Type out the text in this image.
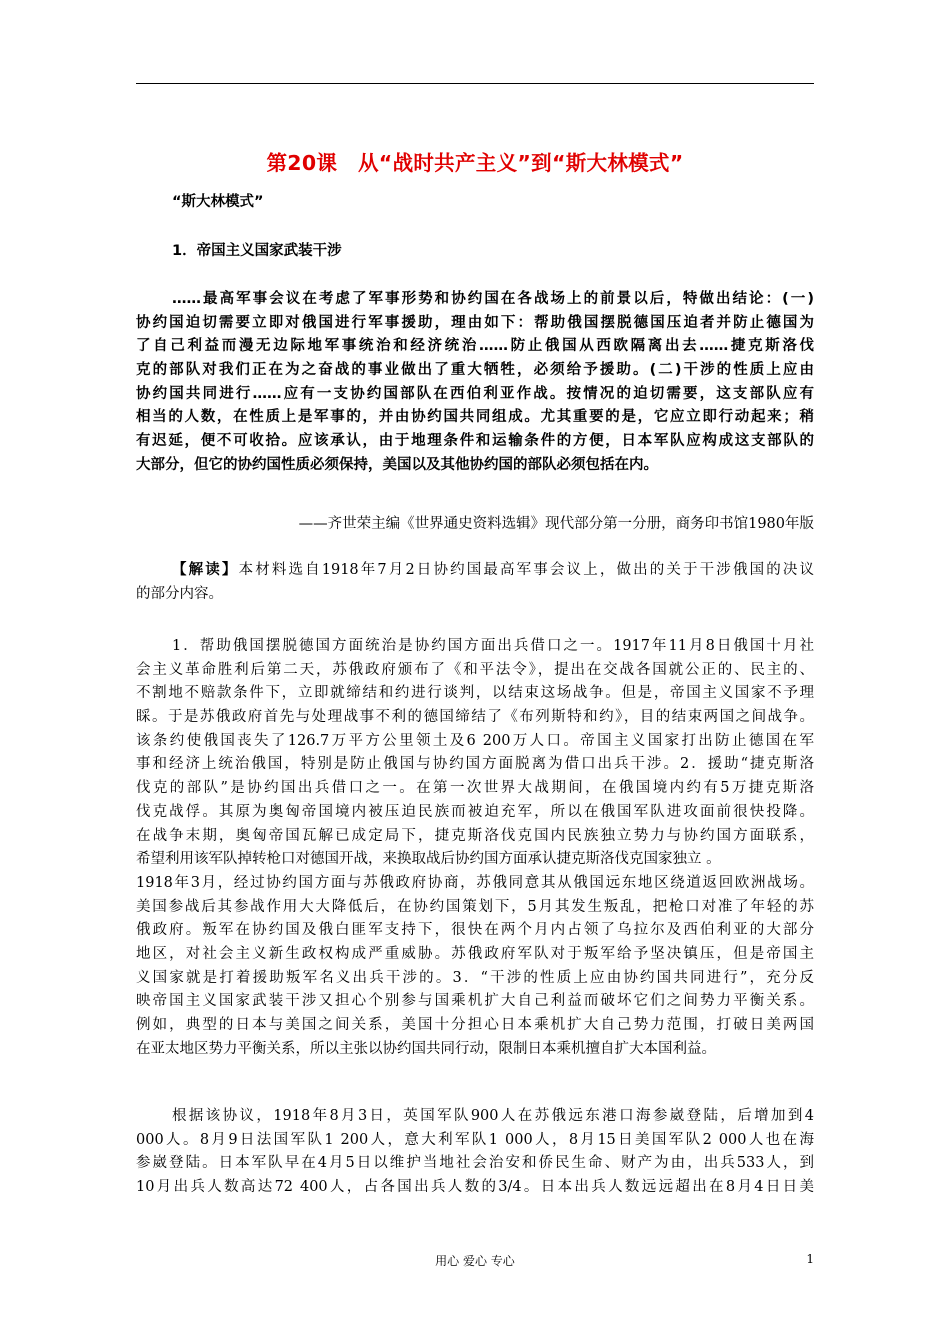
第20课　从“战时共产主义”到“斯大林模式”
“斯大林模式”
1．帝国主义国家武装干涉
……最高军事会议在考虑了军事形势和协约国在各战场上的前景以后，特做出结论：(一)
协约国迫切需要立即对俄国进行军事援助，理由如下：帮助俄国摆脱德国压迫者并防止德国为
了自己利益而漫无边际地军事统治和经济统治……防止俄国从西欧隔离出去……捷克斯洛伐
克的部队对我们正在为之奋战的事业做出了重大牺牲，必须给予援助。(二)干涉的性质上应由
协约国共同进行……应有一支协约国部队在西伯利亚作战。按情况的迫切需要，这支部队应有
相当的人数，在性质上是军事的，并由协约国共同组成。尤其重要的是，它应立即行动起来；稍
有迟延，便不可收拾。应该承认，由于地理条件和运输条件的方便，日本军队应构成这支部队的
大部分，但它的协约国性质必须保持，美国以及其他协约国的部队必须包括在内。
——齐世荣主编《世界通史资料选辑》现代部分第一分册，商务印书馆1980年版
【解读】本材料选自1918年7月2日协约国最高军事会议上，做出的关于干涉俄国的决议
的部分内容。
1．帮助俄国摆脱德国方面统治是协约国方面出兵借口之一。1917年11月8日俄国十月社
会主义革命胜利后第二天，苏俄政府颁布了《和平法令》，提出在交战各国就公正的、民主的、
不割地不赔款条件下，立即就缔结和约进行谈判，以结束这场战争。但是，帝国主义国家不予理
睬。于是苏俄政府首先与处理战事不利的德国缔结了《布列斯特和约》，目的结束两国之间战争。
该条约使俄国丧失了126.7万平方公里领土及6 200万人口。帝国主义国家打出防止德国在军
事和经济上统治俄国，特别是防止俄国与协约国方面脱离为借口出兵干涉。2．援助“捷克斯洛
伐克的部队”是协约国出兵借口之一。在第一次世界大战期间，在俄国境内约有5万捷克斯洛
伐克战俘。其原为奥匈帝国境内被压迫民族而被迫充军，所以在俄国军队进攻面前很快投降。
在战争末期，奥匈帝国瓦解已成定局下，捷克斯洛伐克国内民族独立势力与协约国方面联系，
希望利用该军队掉转枪口对德国开战，来换取战后协约国方面承认捷克斯洛伐克国家独立 。
1918年3月，经过协约国方面与苏俄政府协商，苏俄同意其从俄国远东地区绕道返回欧洲战场。
美国参战后其参战作用大大降低后，在协约国策划下，5月其发生叛乱，把枪口对准了年轻的苏
俄政府。叛军在协约国及俄白匪军支持下，很快在两个月内占领了乌拉尔及西伯利亚的大部分
地区，对社会主义新生政权构成严重威胁。苏俄政府军队对于叛军给予坚决镇压，但是帝国主
义国家就是打着援助叛军名义出兵干涉的。3．“干涉的性质上应由协约国共同进行”，充分反
映帝国主义国家武装干涉又担心个别参与国乘机扩大自己利益而破坏它们之间势力平衡关系。
例如，典型的日本与美国之间关系，美国十分担心日本乘机扩大自己势力范围，打破日美两国
在亚太地区势力平衡关系，所以主张以协约国共同行动，限制日本乘机擅自扩大本国利益。
根据该协议，1918年8月3日，英国军队900人在苏俄远东港口海参崴登陆，后增加到4
000人。8月9日法国军队1 200人，意大利军队1 000人，8月15日美国军队2 000人也在海
参崴登陆。日本军队早在4月5日以维护当地社会治安和侨民生命、财产为由，出兵533人，到
10月出兵人数高达72 400人，占各国出兵人数的3/4。日本出兵人数远远超出在8月4日日美
用心 爱心 专心	1
